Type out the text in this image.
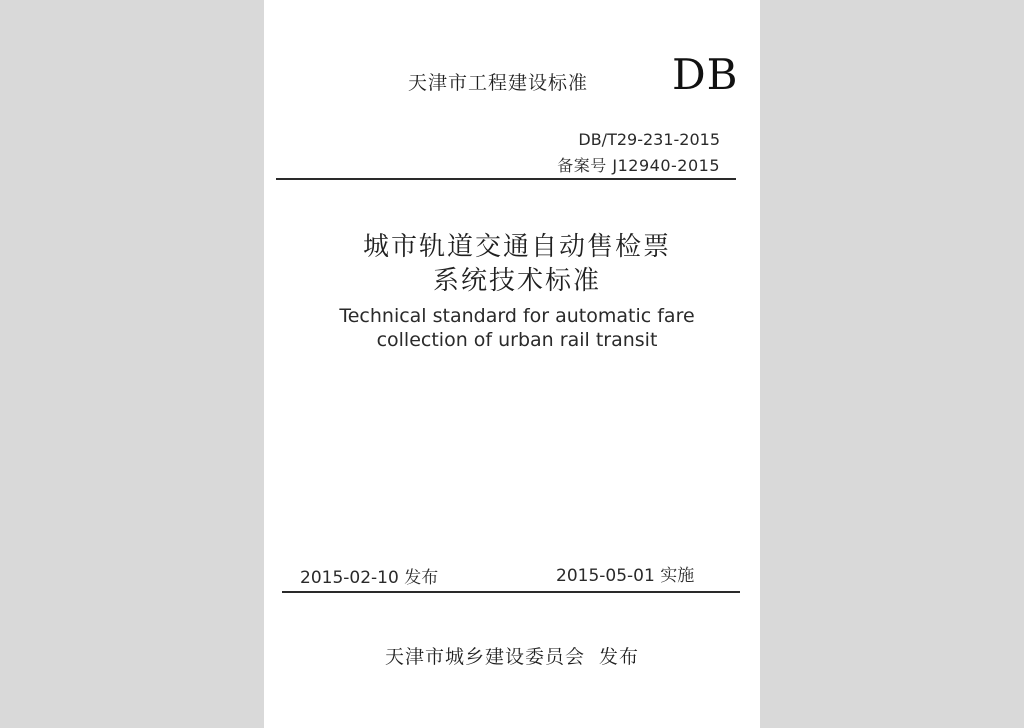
天津市工程建设标准 DB
DB/T29-231-2015
备案号 J12940-2015
城市轨道交通自动售检票
系统技术标准
Technical standard for automatic fare
collection of urban rail transit
2015-02-10 发布	2015-05-01 实施
天津市城乡建设委员会  发布
